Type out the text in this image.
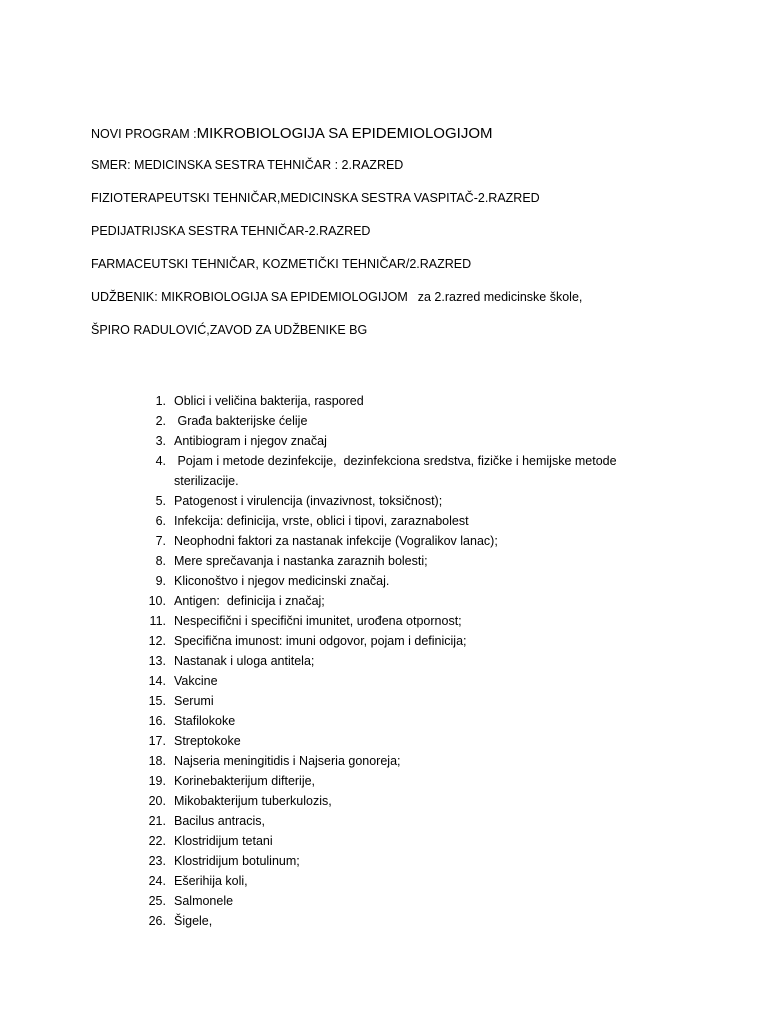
NOVI PROGRAM :MIKROBIOLOGIJA SA EPIDEMIOLOGIJOM
SMER: MEDICINSKA SESTRA TEHNIČAR : 2.RAZRED
FIZIOTERAPEUTSKI TEHNIČAR,MEDICINSKA SESTRA VASPITAČ-2.RAZRED
PEDIJATRIJSKA SESTRA TEHNIČAR-2.RAZRED
FARMACEUTSKI TEHNIČAR, KOZMETIČKI TEHNIČAR/2.RAZRED
UDŽBENIK: MIKROBIOLOGIJA SA EPIDEMIOLOGIJOM za 2.razred medicinske škole,
ŠPIRO RADULOVIĆ,ZAVOD ZA UDŽBENIKE BG
1. Oblici i veličina bakterija, raspored
2. Građa bakterijske ćelije
3. Antibiogram i njegov značaj
4. Pojam i metode dezinfekcije,  dezinfekciona sredstva, fizičke i hemijske metode
sterilizacije.
5. Patogenost i virulencija (invazivnost, toksičnost);
6. Infekcija: definicija, vrste, oblici i tipovi, zaraznabolest
7. Neophodni faktori za nastanak infekcije (Vogralikov lanac);
8. Mere sprečavanja i nastanka zaraznih bolesti;
9. Kliconoštvo i njegov medicinski značaj.
10. Antigen:  definicija i značaj;
11. Nespecifični i specifični imunitet, urođena otpornost;
12. Specifična imunost: imuni odgovor, pojam i definicija;
13. Nastanak i uloga antitela;
14. Vakcine
15. Serumi
16. Stafilokoke
17. Streptokoke
18. Najseria meningitidis i Najseria gonoreja;
19. Korinebakterijum difterije,
20. Mikobakterijum tuberkulozis,
21. Bacilus antracis,
22. Klostridijum tetani
23. Klostridijum botulinum;
24. Ešerihija koli,
25. Salmonele
26. Šigele,
